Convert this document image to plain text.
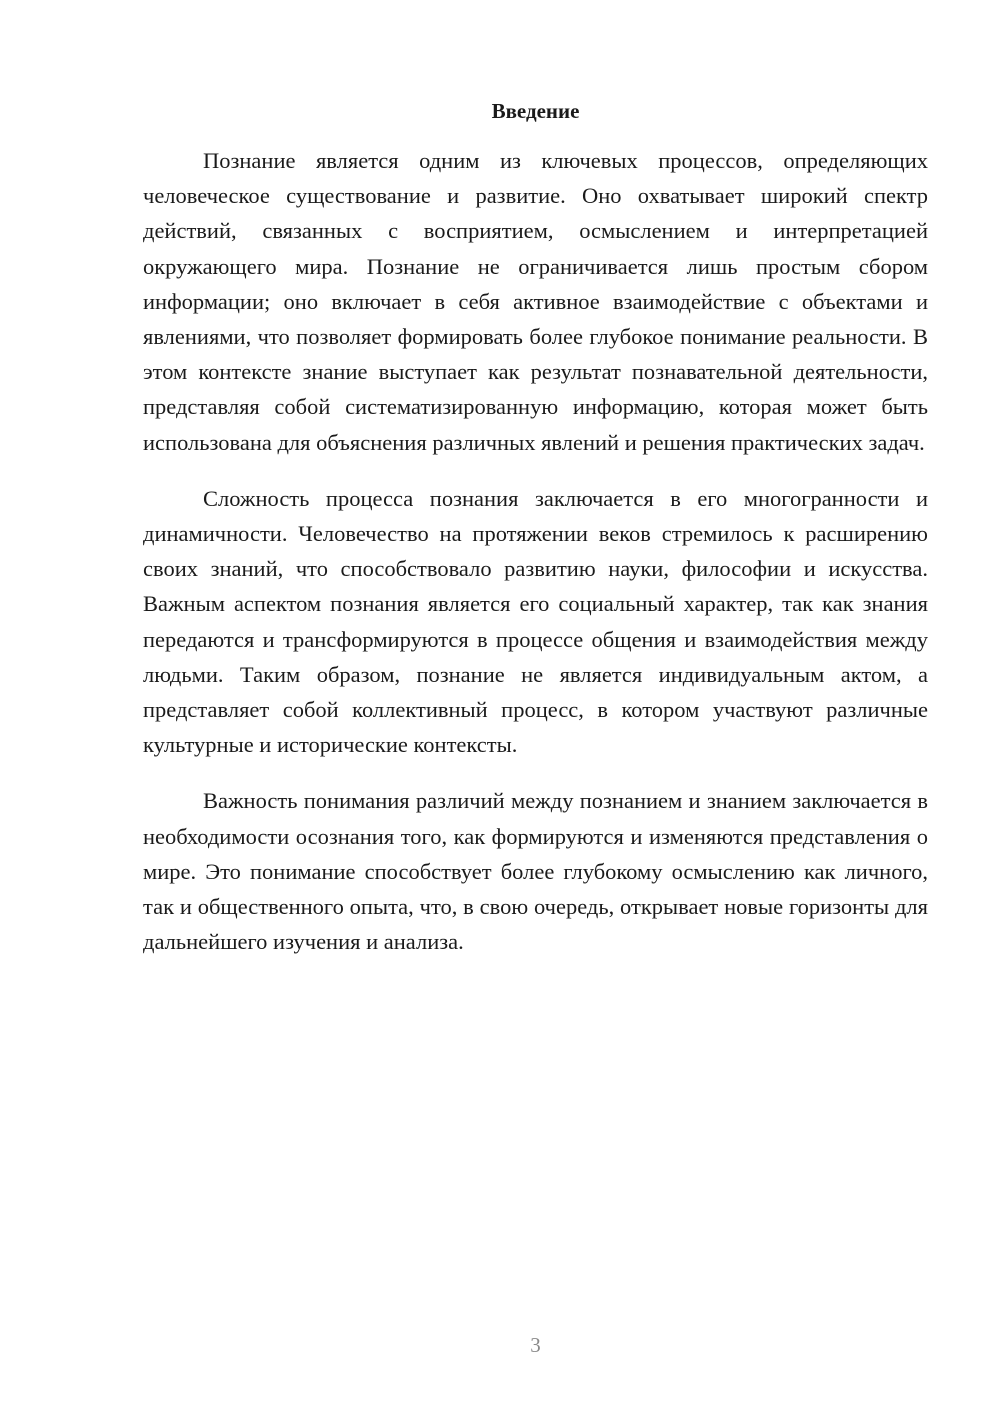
Введение

Познание является одним из ключевых процессов, определяющих человеческое существование и развитие. Оно охватывает широкий спектр действий, связанных с восприятием, осмыслением и интерпретацией окружающего мира. Познание не ограничивается лишь простым сбором информации; оно включает в себя активное взаимодействие с объектами и явлениями, что позволяет формировать более глубокое понимание реальности. В этом контексте знание выступает как результат познавательной деятельности, представляя собой систематизированную информацию, которая может быть использована для объяснения различных явлений и решения практических задач.

Сложность процесса познания заключается в его многогранности и динамичности. Человечество на протяжении веков стремилось к расширению своих знаний, что способствовало развитию науки, философии и искусства. Важным аспектом познания является его социальный характер, так как знания передаются и трансформируются в процессе общения и взаимодействия между людьми. Таким образом, познание не является индивидуальным актом, а представляет собой коллективный процесс, в котором участвуют различные культурные и исторические контексты.

Важность понимания различий между познанием и знанием заключается в необходимости осознания того, как формируются и изменяются представления о мире. Это понимание способствует более глубокому осмыслению как личного, так и общественного опыта, что, в свою очередь, открывает новые горизонты для дальнейшего изучения и анализа.

3
